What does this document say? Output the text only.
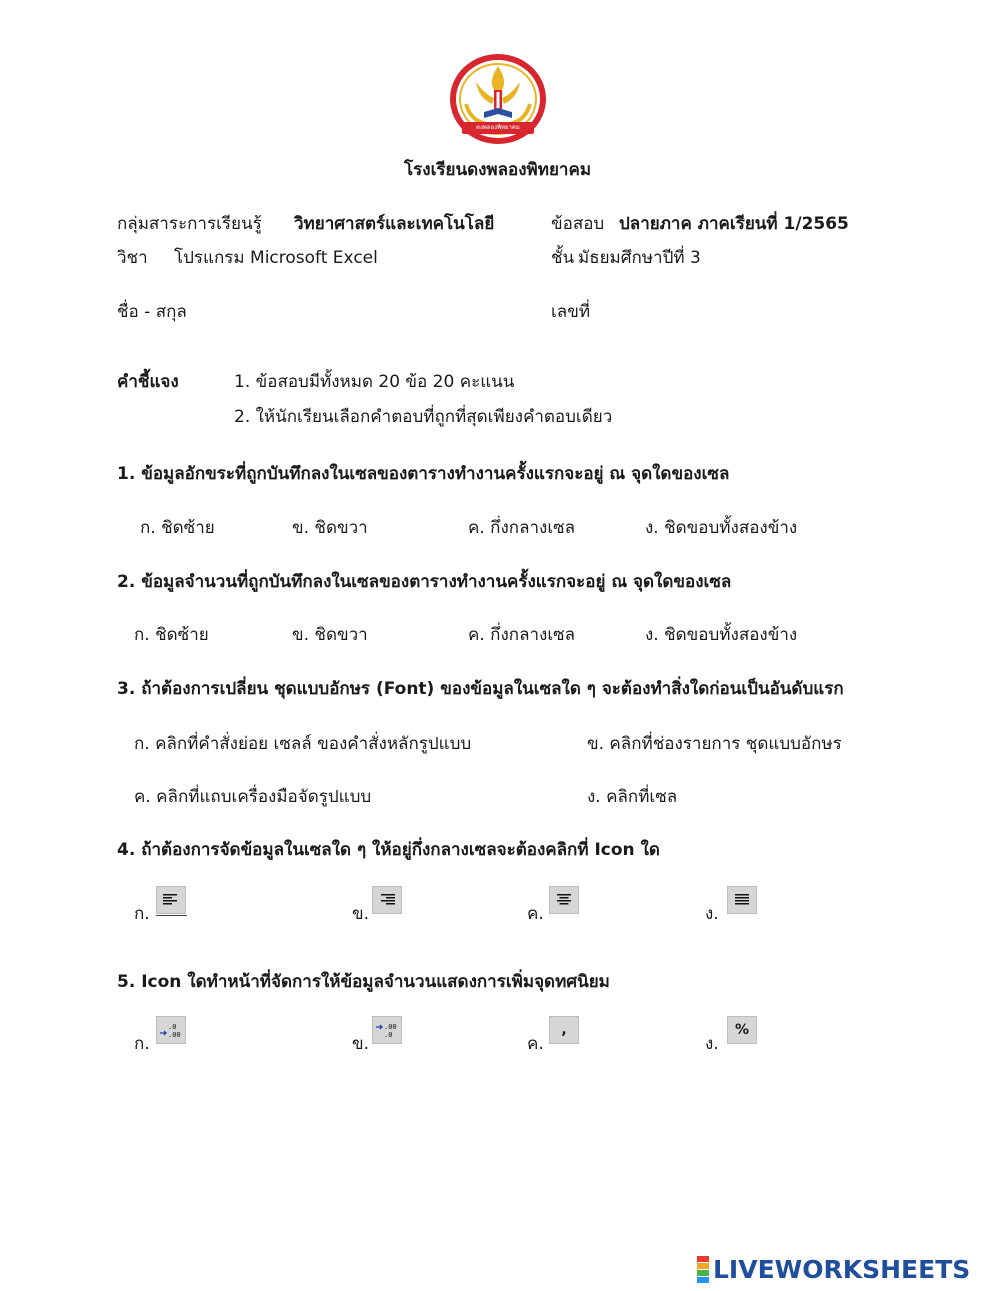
ดงพลองพิทยาคม
โรงเรียนดงพลองพิทยาคม
กลุ่มสาระการเรียนรู้ วิทยาศาสตร์และเทคโนโลยี	ข้อสอบ ปลายภาค ภาคเรียนที่ 1/2565
วิชา โปรแกรม Microsoft Excel	ชั้น มัธยมศึกษาปีที่ 3
ชื่อ - สกุล	เลขที่
คำชี้แจง	1. ข้อสอบมีทั้งหมด 20 ข้อ 20 คะแนน
2. ให้นักเรียนเลือกคำตอบที่ถูกที่สุดเพียงคำตอบเดียว
1. ข้อมูลอักขระที่ถูกบันทึกลงในเซลของตารางทำงานครั้งแรกจะอยู่ ณ จุดใดของเซล
ก. ชิดซ้าย	ข. ชิดขวา	ค. กึ่งกลางเซล	ง. ชิดขอบทั้งสองข้าง
2. ข้อมูลจำนวนที่ถูกบันทึกลงในเซลของตารางทำงานครั้งแรกจะอยู่ ณ จุดใดของเซล
ก. ชิดซ้าย	ข. ชิดขวา	ค. กึ่งกลางเซล	ง. ชิดขอบทั้งสองข้าง
3. ถ้าต้องการเปลี่ยน ชุดแบบอักษร (Font) ของข้อมูลในเซลใด ๆ จะต้องทำสิ่งใดก่อนเป็นอันดับแรก
ก. คลิกที่คำสั่งย่อย เซลล์ ของคำสั่งหลักรูปแบบ	ข. คลิกที่ช่องรายการ ชุดแบบอักษร
ค. คลิกที่แถบเครื่องมือจัดรูปแบบ	ง. คลิกที่เซล
4. ถ้าต้องการจัดข้อมูลในเซลใด ๆ ให้อยู่กึ่งกลางเซลจะต้องคลิกที่ Icon ใด
ก.	ข.	ค.	ง.
5. Icon ใดทำหน้าที่จัดการให้ข้อมูลจำนวนแสดงการเพิ่มจุดทศนิยม
ก.
.0
.00	ข.
.00
.0	ค.
,
ง.
%
LIVEWORKSHEETS
